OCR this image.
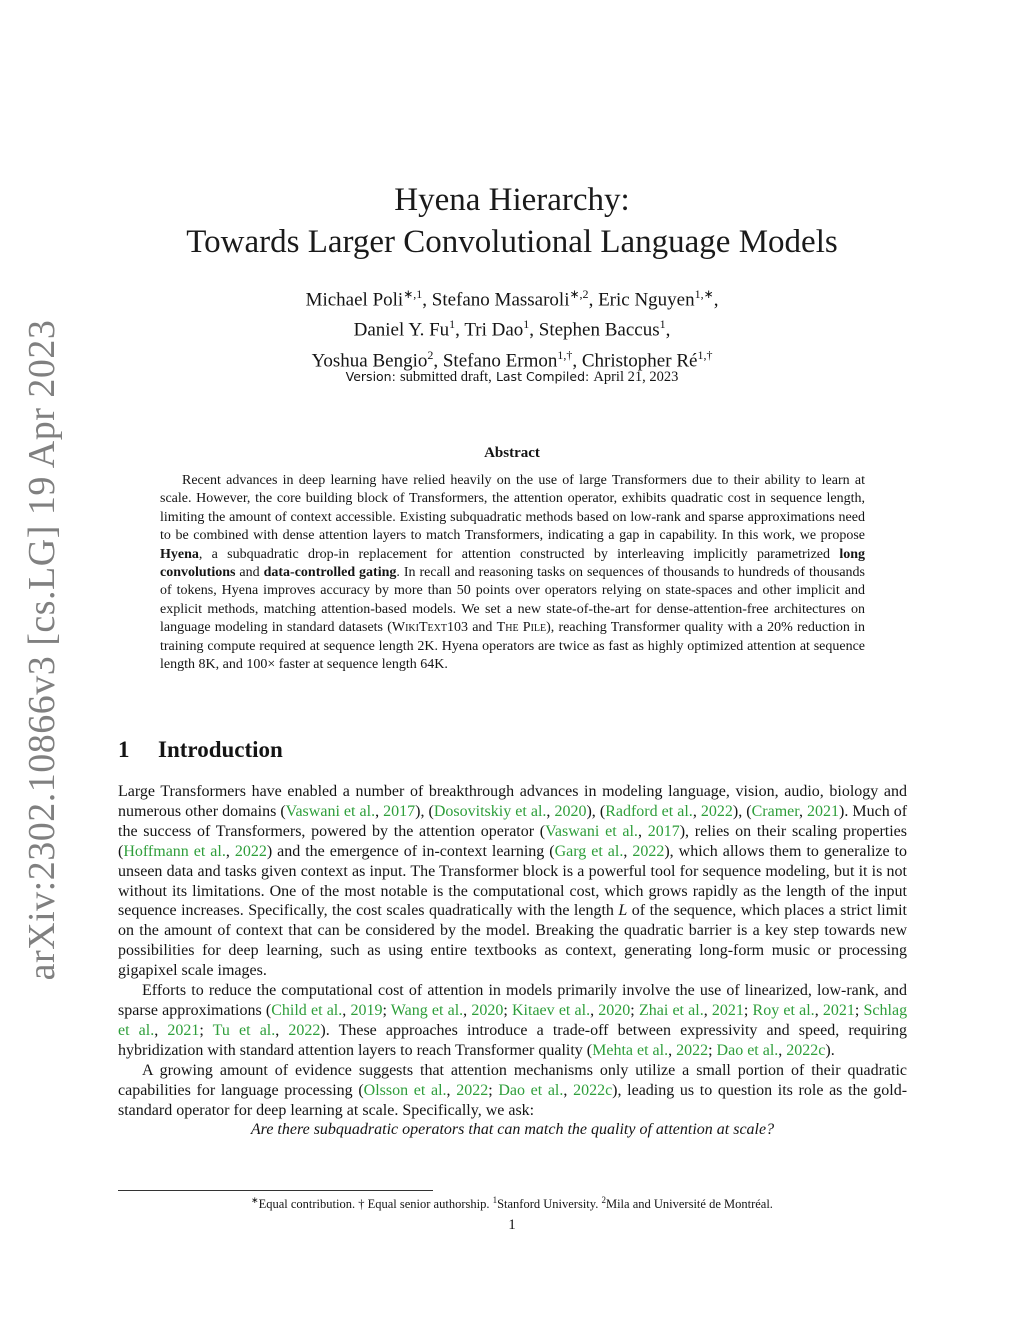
arXiv:2302.10866v3 [cs.LG] 19 Apr 2023
Hyena Hierarchy:
Towards Larger Convolutional Language Models
Michael Poli$^{∗,1}$, Stefano Massaroli$^{∗,2}$, Eric Nguyen$^{1,∗}$,
Daniel Y. Fu$^1$, Tri Dao$^1$, Stephen Baccus$^1$,
Yoshua Bengio$^2$, Stefano Ermon$^{1,\dagger}$, Christopher $Ré^{1,\dagger}$
Version: submitted draft, Last Compiled: April 21, 2023
Abstract

Recent advances in deep learning have relied heavily on the use of large Transformers due to their ability to learn at scale. However, the core building block of Transformers, the attention operator, exhibits quadratic cost in sequence length, limiting the amount of context accessible. Existing subquadratic methods based on low-rank and sparse approximations need to be combined with dense attention layers to match Transformers, indicating a gap in capability. In this work, we propose Hyena, a subquadratic drop-in replacement for attention constructed by interleaving implicitly parametrized long convolutions and data-controlled gating. In recall and reasoning tasks on sequences of thousands to hundreds of thousands of tokens, Hyena improves accuracy by more than 50 points over operators relying on state-spaces and other implicit and explicit methods, matching attention-based models. We set a new state-of-the-art for dense-attention-free architectures on language modeling in standard datasets (WikiText103 and The Pile), reaching Transformer quality with a 20% reduction in training compute required at sequence length 2K. Hyena operators are twice as fast as highly optimized attention at sequence length 8K, and 100× faster at sequence length 64K.

1 Introduction

Large Transformers have enabled a number of breakthrough advances in modeling language, vision, audio, biology and numerous other domains (Vaswani et al., 2017), (Dosovitskiy et al., 2020), (Radford et al., 2022), (Cramer, 2021). Much of the success of Transformers, powered by the attention operator (Vaswani et al., 2017), relies on their scaling properties (Hoffmann et al., 2022) and the emergence of in-context learning (Garg et al., 2022), which allows them to generalize to unseen data and tasks given context as input. The Transformer block is a powerful tool for sequence modeling, but it is not without its limitations. One of the most notable is the computational cost, which grows rapidly as the length of the input sequence increases. Specifically, the cost scales quadratically with the length L of the sequence, which places a strict limit on the amount of context that can be considered by the model. Breaking the quadratic barrier is a key step towards new possibilities for deep learning, such as using entire textbooks as context, generating long-form music or processing gigapixel scale images.

Efforts to reduce the computational cost of attention in models primarily involve the use of linearized, low-rank, and sparse approximations (Child et al., 2019; Wang et al., 2020; Kitaev et al., 2020; Zhai et al., 2021; Roy et al., 2021; Schlag et al., 2021; Tu et al., 2022). These approaches introduce a trade-off between expressivity and speed, requiring hybridization with standard attention layers to reach Transformer quality (Mehta et al., 2022; Dao et al., 2022c).

A growing amount of evidence suggests that attention mechanisms only utilize a small portion of their quadratic capabilities for language processing (Olsson et al., 2022; Dao et al., 2022c), leading us to question its role as the gold-standard operator for deep learning at scale. Specifically, we ask:

Are there subquadratic operators that can match the quality of attention at scale?

∗Equal contribution. † Equal senior authorship. $^1$Stanford University. $^2$Mila and Université de Montréal.
1
